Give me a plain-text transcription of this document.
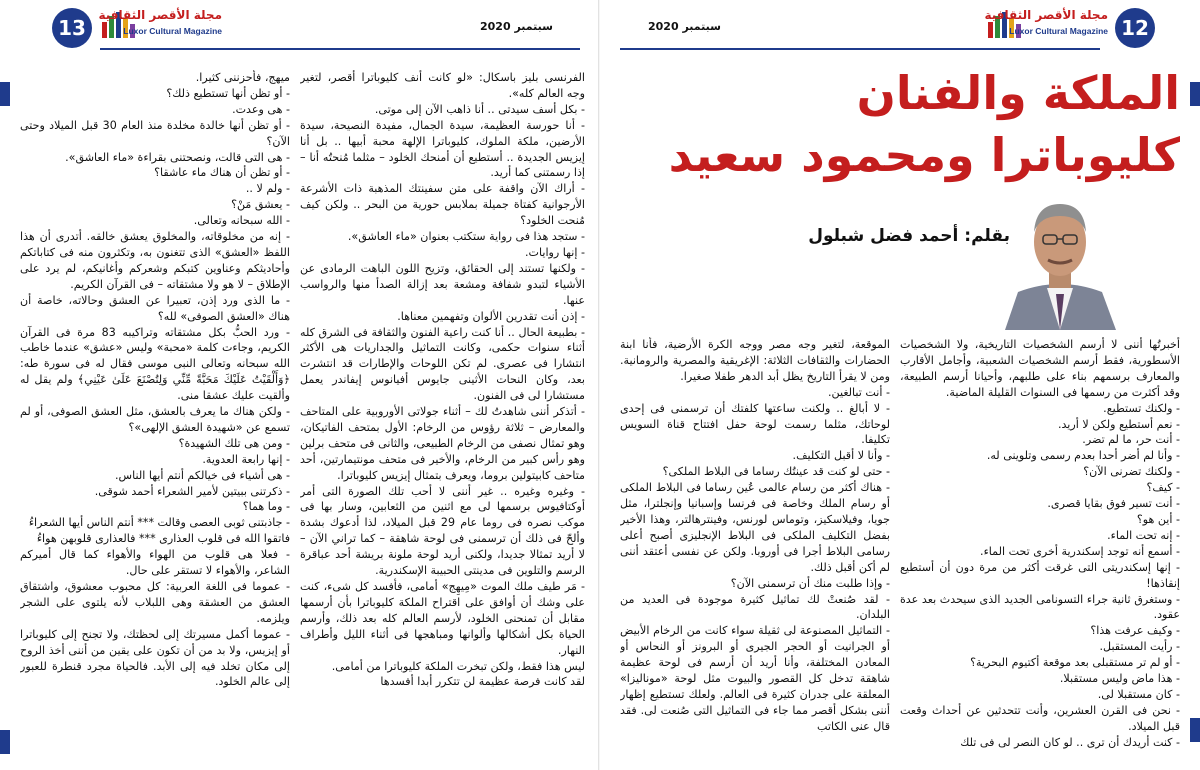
13
مجلة الأقصر الثقافية
Luxor Cultural Magazine	سبتمبر 2020

الفرنسى بليز باسكال: «لو كانت أنف كليوباترا أقصر، لتغير وجه العالم كله».

- بكل أسف سيدتى .. أنا ذاهب الآن إلى موتى.

- أنا حورسة العظيمة، سيدة الجمال، مفيدة النصيحة، سيدة الأرضين، ملكة الملوك، كليوباترا الإلهة محبة أبيها .. بل أنا إيزيس الجديدة .. أستطيع أن أمنحك الخلود – مثلما مُنحتُه أنا – إذا رسمتنى كما أريد.

- أراك الآن واقفة على متن سفينتك المذهبة ذات الأشرعة الأرجوانية كفتاة جميلة بملابس حورية من البحر .. ولكن كيف مُنحت الخلود؟

- ستجد هذا فى رواية ستكتب بعنوان «ماء العاشق».

- إنها روايات.

- ولكنها تستند إلى الحقائق، وتزيح اللون الباهت الرمادى عن الأشياء لتبدو شفافة ومشعة بعد إزالة الصدأ منها والرواسب عنها.

- إذن أنت تقدرين الألوان وتفهمين معناها.

- بطبيعة الحال .. أنا كنت راعية الفنون والثقافة فى الشرق كله أثناء سنوات حكمى، وكانت التماثيل والجداريات هى الأكثر انتشارا فى عصرى. لم تكن اللوحات والإطارات قد انتشرت بعد، وكان النحات الأثينى جايوس أفيانوس إيفاندر يعمل مستشارا لى فى الفنون.

- أتذكر أننى شاهدتُ لك – أثناء جولاتى الأوروبية على المتاحف والمعارض – ثلاثة رؤوس من الرخام: الأول بمتحف الفاتيكان، وهو تمثال نصفى من الرخام الطبيعى، والثانى فى متحف برلين وهو رأس كبير من الرخام، والأخير فى متحف مونتيمارتين، أحد متاحف كابيتولين بروما، ويعرف بتمثال إيزيس كليوباترا.

- وغيره وغيره .. غير أننى لا أحب تلك الصورة التى أمر أوكتافيوس برسمها لى مع اثنين من الثعابين، وسار بها فى موكب نصره فى روما عام 29 قبل الميلاد، لذا أدعوك بشدة وألحّ فى ذلك أن ترسمنى فى لوحة شاهقة – كما تراني الآن – لا أريد تمثالا جديدا، ولكنى أريد لوحة ملونة بريشة أحد عباقرة الرسم والتلوين فى مدينتى الحبيبة الإسكندرية.

- مَر طيف ملك الموت «مِيهِج» أمامى، فأفسد كل شىء، كنت على وشك أن أوافق على اقتراح الملكة كليوباترا بأن أرسمها مقابل أن تمنحنى الخلود، لأرسم العالم كله بعد ذلك، وأرسم الحياة بكل أشكالها وألوانها ومباهجها فى أثناء الليل وأطراف النهار.

ليس هذا فقط، ولكن تبخرت الملكة كليوباترا من أمامى.

لقد كانت فرصة عظيمة لن تتكرر أبدا أفسدها

ميهج، فأحزننى كثيرا.

- أو تظن أنها تستطيع ذلك؟

- هى وعدت.

- أو تظن أنها خالدة مخلدة منذ العام 30 قبل الميلاد وحتى الآن؟

- هى التى قالت، ونصحتنى بقراءة «ماء العاشق».

- أو تظن أن هناك ماء عاشقا؟

- ولم لا ..

- يعشق مَنْ؟

- الله سبحانه وتعالى.

- إنه من مخلوقاته، والمخلوق يعشق خالقه. أتدرى أن هذا اللفظ «العشق» الذى تتغنون به، وتكثرون منه فى كتاباتكم وأحاديثكم وعناوين كتبكم وشعركم وأغانيكم، لم يرد على الإطلاق – لا هو ولا مشتقاته – فى القرآن الكريم.

- ما الذى ورد إذن، تعبيرا عن العشق وحالاته، خاصة أن هناك «العشق الصوفى» لله؟

- ورد الحبُّ بكل مشتقاته وتراكيبه 83 مرة فى القرآن الكريم، وجاءت كلمة «محبة» وليس «عشق» عندما خاطب الله سبحانه وتعالى النبى موسى فقال له فى سورة طه: ﴿وَأَلْقَيْتُ عَلَيْكَ مَحَبَّةً مِّنِّي وَلِتُصْنَعَ عَلَىٰ عَيْنِي﴾ ولم يقل له وألقيت عليك عشقا منى.

- ولكن هناك ما يعرف بالعشق، مثل العشق الصوفى، أو لم تسمع عن «شهيدة العشق الإلهى»؟

- ومن هى تلك الشهيدة؟

- إنها رابعة العدوية.

- هى أشياء فى خيالكم أنتم أيها الناس.

- ذكرتنى ببيتين لأمير الشعراء أحمد شوقى.

- وما هما؟

- جاذبتنى ثوبى العصى وقالت *** أنتم الناس أيها الشعراءُ

فاتقوا الله فى قلوب العذارى *** فالعذارى قلوبهن هواءُ

- فعلا هى قلوب من الهواء والأهواء كما قال أميركم الشاعر، والأهواء لا تستقر على حال.

- عموما فى اللغة العربية: كل محبوب معشوق، واشتقاق العشق من العشقة وهى اللبلاب لأنه يلتوى على الشجر ويلزمه.

- عموما أكمل مسيرتك إلى لحظتك، ولا تجنح إلى كليوباترا أو إيزيس، ولا بد من أن تكون على يقين من أننى أخذ الروح إلى مكان تخلد فيه إلى الأبد. فالحياة مجرد قنطرة للعبور إلى عالم الخلود.

12
مجلة الأقصر الثقافية
Luxor Cultural Magazine
سبتمبر 2020
الملكة والفنان
كليوباترا ومحمود سعيد
بقلم: أحمد فضل شبلول

أخبرتُها أننى لا أرسم الشخصيات التاريخية، ولا الشخصيات الأسطورية، فقط أرسم الشخصيات الشعبية، وأجامل الأقارب والمعارف برسمهم بناء على طلبهم، وأحيانا أرسم الطبيعة، وقد أكثرت من رسمها فى السنوات القليلة الماضية.

- ولكنك تستطيع.

- نعم أستطيع ولكن لا أريد.

- أنت حر، ما لم تضر.

- وأنا لم أضر أحدا بعدم رسمى وتلوينى له.

- ولكنك تضرنى الآن؟

- كيف؟

- أنت تسير فوق بقايا قصرى.

- أين هو؟

- إنه تحت الماء.

- أسمع أنه توجد إسكندرية أخرى تحت الماء.

- إنها إسكندريتى التى غرقت أكثر من مرة دون أن أستطيع إنقاذها!

- وستغرق ثانية جراء التسونامى الجديد الذى سيحدث بعد عدة عقود.

- وكيف عرفت هذا؟

- رأيت المستقبل.

- أو لم تر مستقبلى بعد موقعة أكتيوم البحرية؟

- هذا ماض وليس مستقبلا.

- كان مستقبلا لى.

- نحن فى القرن العشرين، وأنت تتحدثين عن أحداث وقعت قبل الميلاد.

- كنت أريدك أن ترى .. لو كان النصر لى فى تلك

الموقعة، لتغير وجه مصر ووجه الكرة الأرضية، فأنا ابنة الحضارات والثقافات الثلاثة: الإغريقية والمصرية والرومانية. ومن لا يقرأ التاريخ يظل أبد الدهر طفلا صغيرا.

- أنت تبالغين.

- لا أبالغ .. ولكنت ساعتها كلفتك أن ترسمنى فى إحدى لوحاتك، مثلما رسمت لوحة حفل افتتاح قناة السويس تكليفا.

- وأنا لا أقبل التكليف.

- حتى لو كنت قد عينتُك رساما فى البلاط الملكى؟

- هناك أكثر من رسام عالمى عُين رساما فى البلاط الملكى أو رسام الملك وخاصة فى فرنسا وإسبانيا وإنجلترا، مثل جويا، وفيلاسكيز، وتوماس لورنس، وفينترهالتر، وهذا الأخير بفضل التكليف الملكى فى البلاط الإنجليزى أصبح أعلى رسامى البلاط أجرا فى أوروبا. ولكن عن نفسى أعتقد أننى لم أكن أقبل ذلك.

- وإذا طلبت منك أن ترسمنى الآن؟

- لقد صُنعتْ لك تماثيل كثيرة موجودة فى العديد من البلدان.

- التماثيل المصنوعة لى ثقيلة سواء كانت من الرخام الأبيض أو الجرانيت أو الحجر الجيرى أو البرونز أو النحاس أو المعادن المختلفة، وأنا أريد أن أرسم فى لوحة عظيمة شاهقة تدخل كل القصور والبيوت مثل لوحة «موناليزا» المعلقة على جدران كثيرة فى العالم. ولعلك تستطيع إظهار أننى بشكل أقصر مما جاء فى التماثيل التى صُنعت لى. فقد قال عنى الكاتب
